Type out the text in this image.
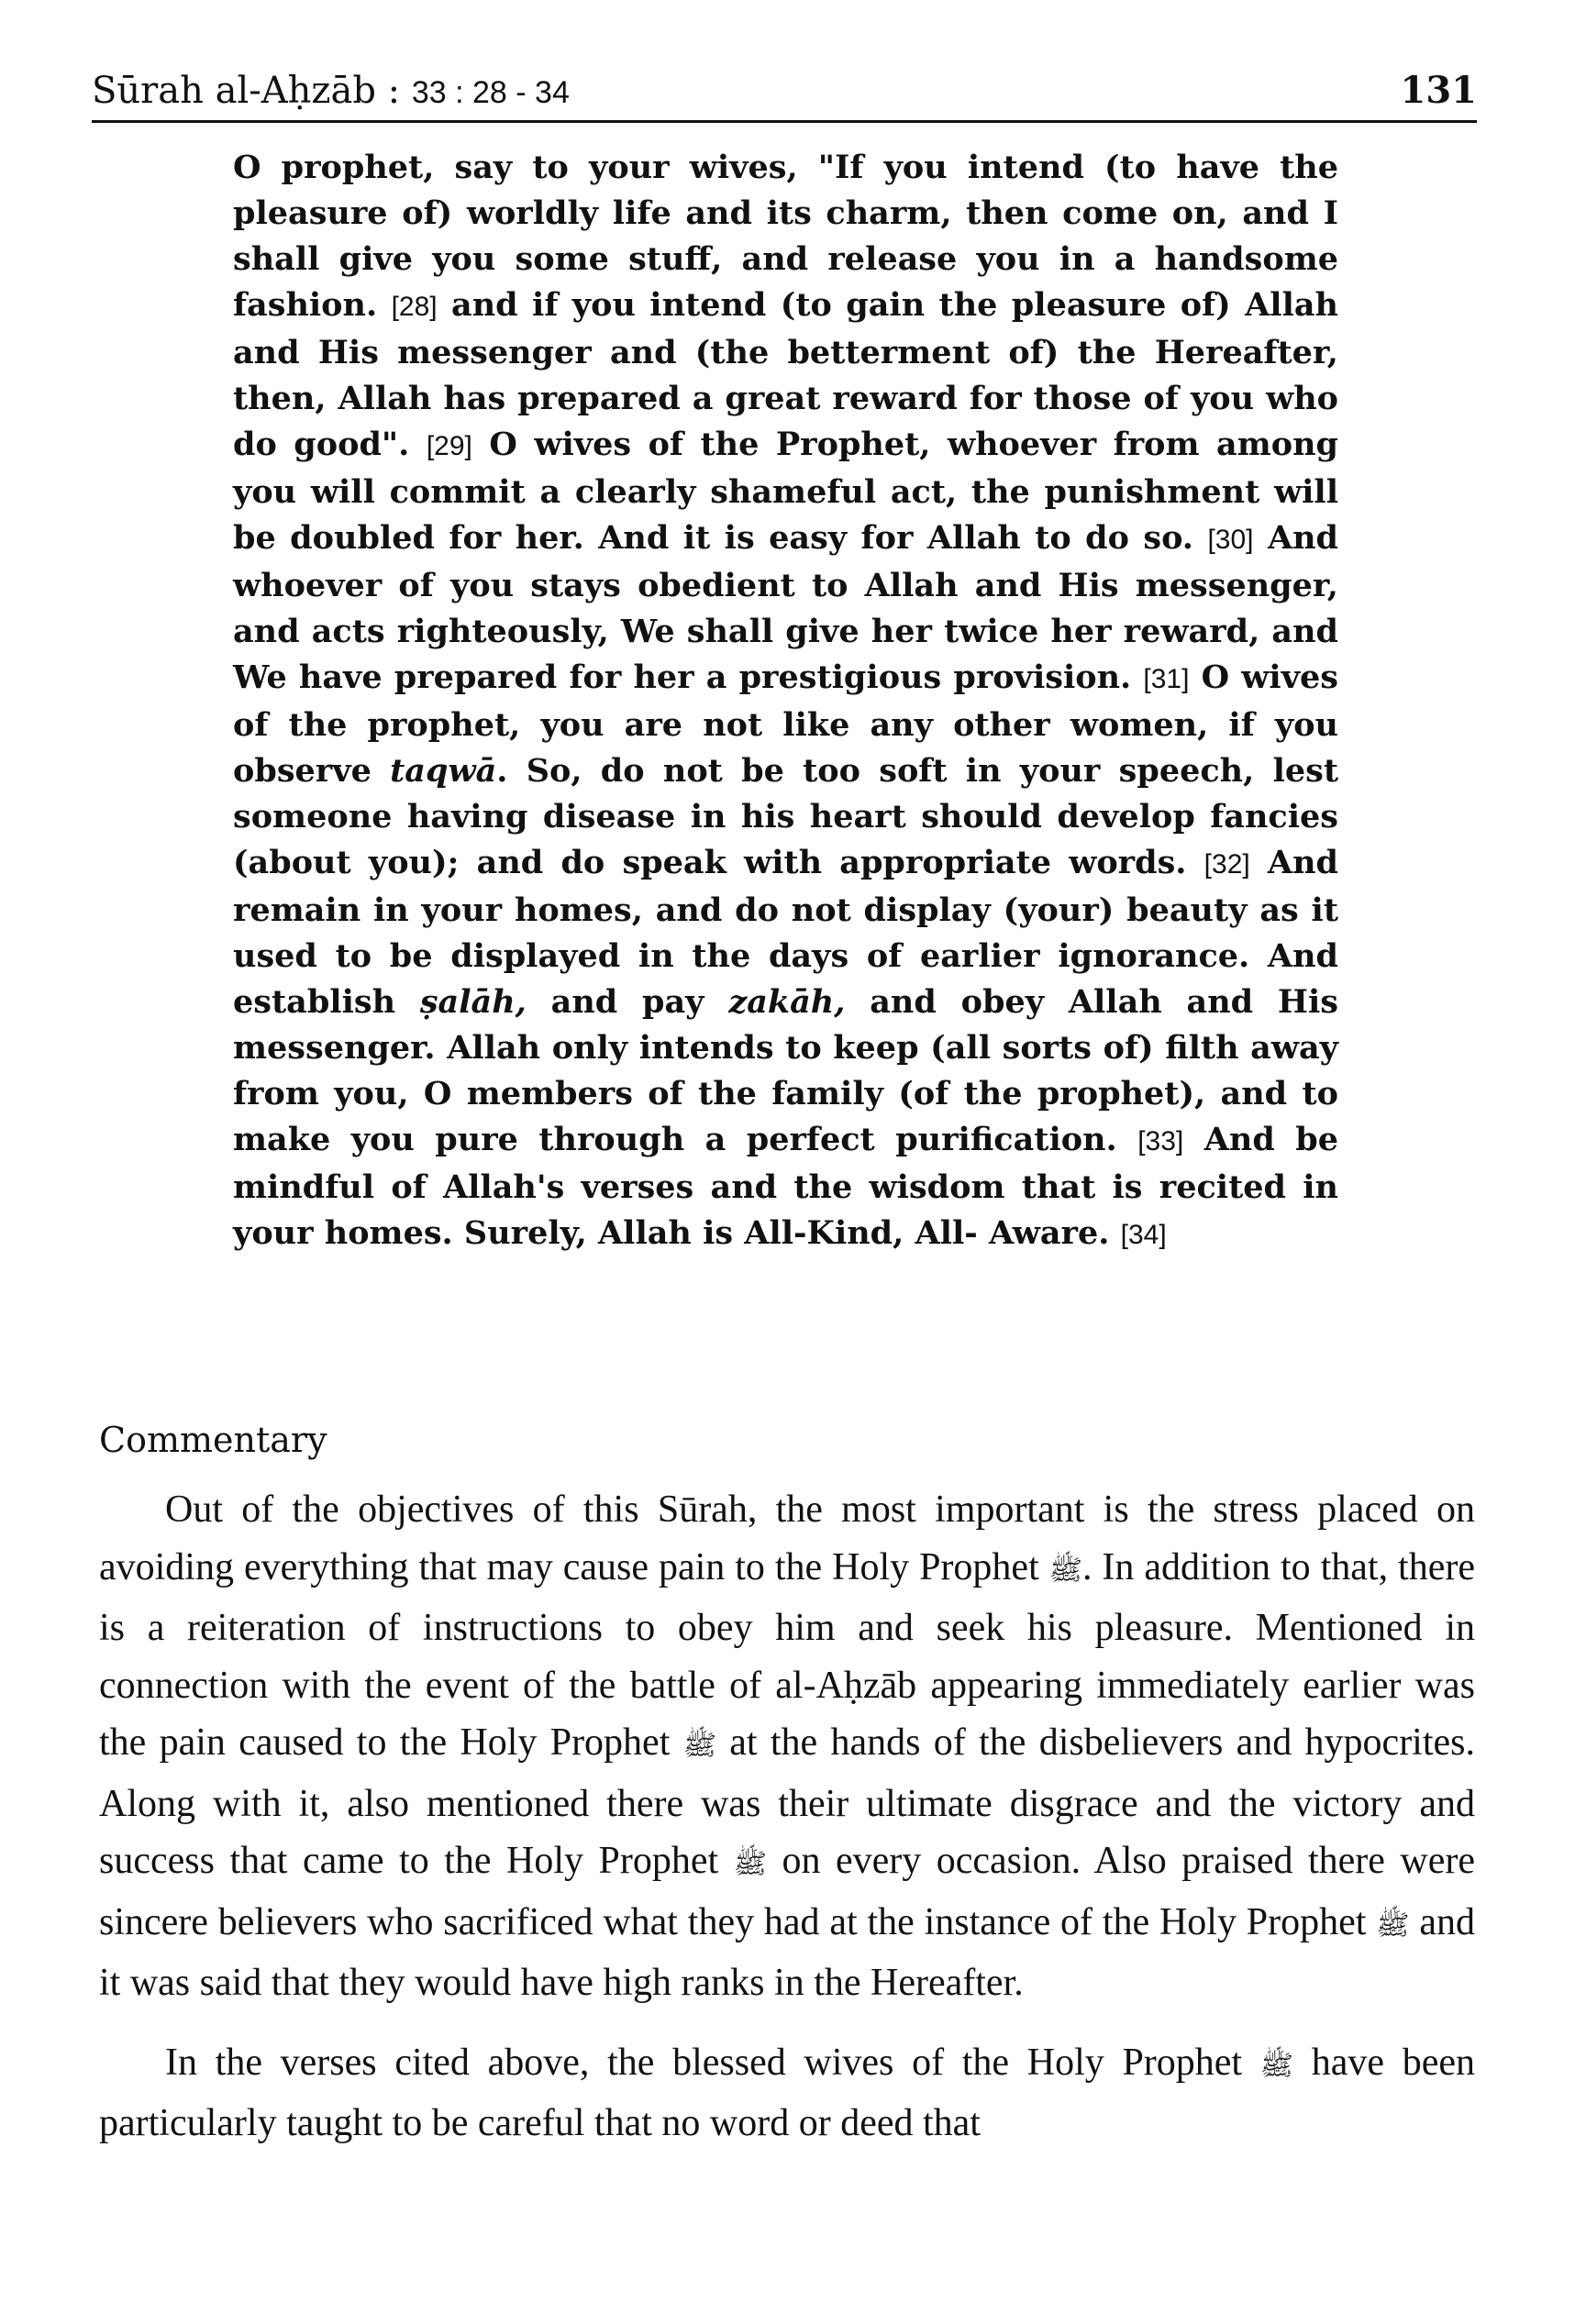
Sūrah al-Aḥzāb : 33 : 28 - 34	131

O prophet, say to your wives, "If you intend (to have the pleasure of) worldly life and its charm, then come on, and I shall give you some stuff, and release you in a handsome fashion. [28] and if you intend (to gain the pleasure of) Allah and His messenger and (the betterment of) the Hereafter, then, Allah has prepared a great reward for those of you who do good". [29] O wives of the Prophet, whoever from among you will commit a clearly shameful act, the punishment will be doubled for her. And it is easy for Allah to do so. [30] And whoever of you stays obedient to Allah and His messenger, and acts righteously, We shall give her twice her reward, and We have prepared for her a prestigious provision. [31] O wives of the prophet, you are not like any other women, if you observe taqwā. So, do not be too soft in your speech, lest someone having disease in his heart should develop fancies (about you); and do speak with appropriate words. [32] And remain in your homes, and do not display (your) beauty as it used to be displayed in the days of earlier ignorance. And establish ṣalāh, and pay zakāh, and obey Allah and His messenger. Allah only intends to keep (all sorts of) filth away from you, O members of the family (of the prophet), and to make you pure through a perfect purification. [33] And be mindful of Allah's verses and the wisdom that is recited in your homes. Surely, Allah is All-Kind, All- Aware. [34]

Commentary

Out of the objectives of this Sūrah, the most important is the stress placed on avoiding everything that may cause pain to the Holy Prophet ﷺ. In addition to that, there is a reiteration of instructions to obey him and seek his pleasure. Mentioned in connection with the event of the battle of al-Aḥzāb appearing immediately earlier was the pain caused to the Holy Prophet ﷺ at the hands of the disbelievers and hypocrites. Along with it, also mentioned there was their ultimate disgrace and the victory and success that came to the Holy Prophet ﷺ on every occasion. Also praised there were sincere believers who sacrificed what they had at the instance of the Holy Prophet ﷺ and it was said that they would have high ranks in the Hereafter.

In the verses cited above, the blessed wives of the Holy Prophet ﷺ have been particularly taught to be careful that no word or deed that
